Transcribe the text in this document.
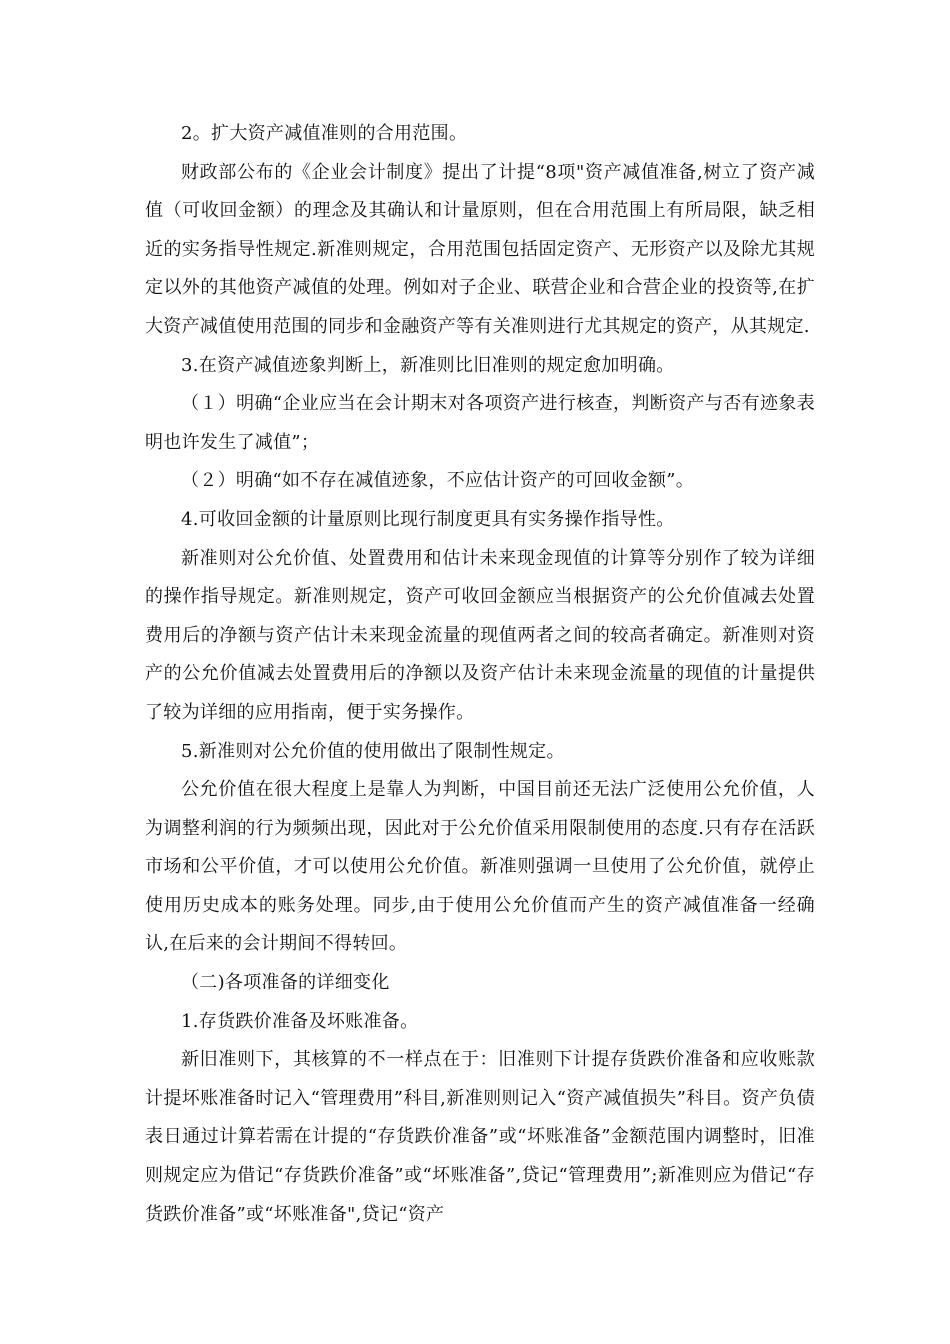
2。扩大资产减值准则的合用范围。

财政部公布的《企业会计制度》提出了计提“8项"资产减值准备,树立了资产减值（可收回金额）的理念及其确认和计量原则，但在合用范围上有所局限，缺乏相近的实务指导性规定.新准则规定，合用范围包括固定资产、无形资产以及除尤其规定以外的其他资产减值的处理。例如对子企业、联营企业和合营企业的投资等,在扩大资产减值使用范围的同步和金融资产等有关准则进行尤其规定的资产，从其规定.

3.在资产减值迹象判断上，新准则比旧准则的规定愈加明确。

（１）明确“企业应当在会计期末对各项资产进行核查，判断资产与否有迹象表明也许发生了减值”；

（２）明确“如不存在减值迹象，不应估计资产的可回收金额”。

4.可收回金额的计量原则比现行制度更具有实务操作指导性。

新准则对公允价值、处置费用和估计未来现金现值的计算等分别作了较为详细的操作指导规定。新准则规定，资产可收回金额应当根据资产的公允价值减去处置费用后的净额与资产估计未来现金流量的现值两者之间的较高者确定。新准则对资产的公允价值减去处置费用后的净额以及资产估计未来现金流量的现值的计量提供了较为详细的应用指南，便于实务操作。

5.新准则对公允价值的使用做出了限制性规定。

公允价值在很大程度上是靠人为判断，中国目前还无法广泛使用公允价值，人为调整利润的行为频频出现，因此对于公允价值采用限制使用的态度.只有存在活跃市场和公平价值，才可以使用公允价值。新准则强调一旦使用了公允价值，就停止使用历史成本的账务处理。同步,由于使用公允价值而产生的资产减值准备一经确认,在后来的会计期间不得转回。

（二)各项准备的详细变化

1.存货跌价准备及坏账准备。

新旧准则下，其核算的不一样点在于：旧准则下计提存货跌价准备和应收账款计提坏账准备时记入“管理费用”科目,新准则则记入“资产减值损失”科目。资产负债表日通过计算若需在计提的“存货跌价准备”或“坏账准备”金额范围内调整时，旧准则规定应为借记“存货跌价准备”或“坏账准备”,贷记“管理费用”;新准则应为借记“存货跌价准备”或“坏账准备",贷记“资产
